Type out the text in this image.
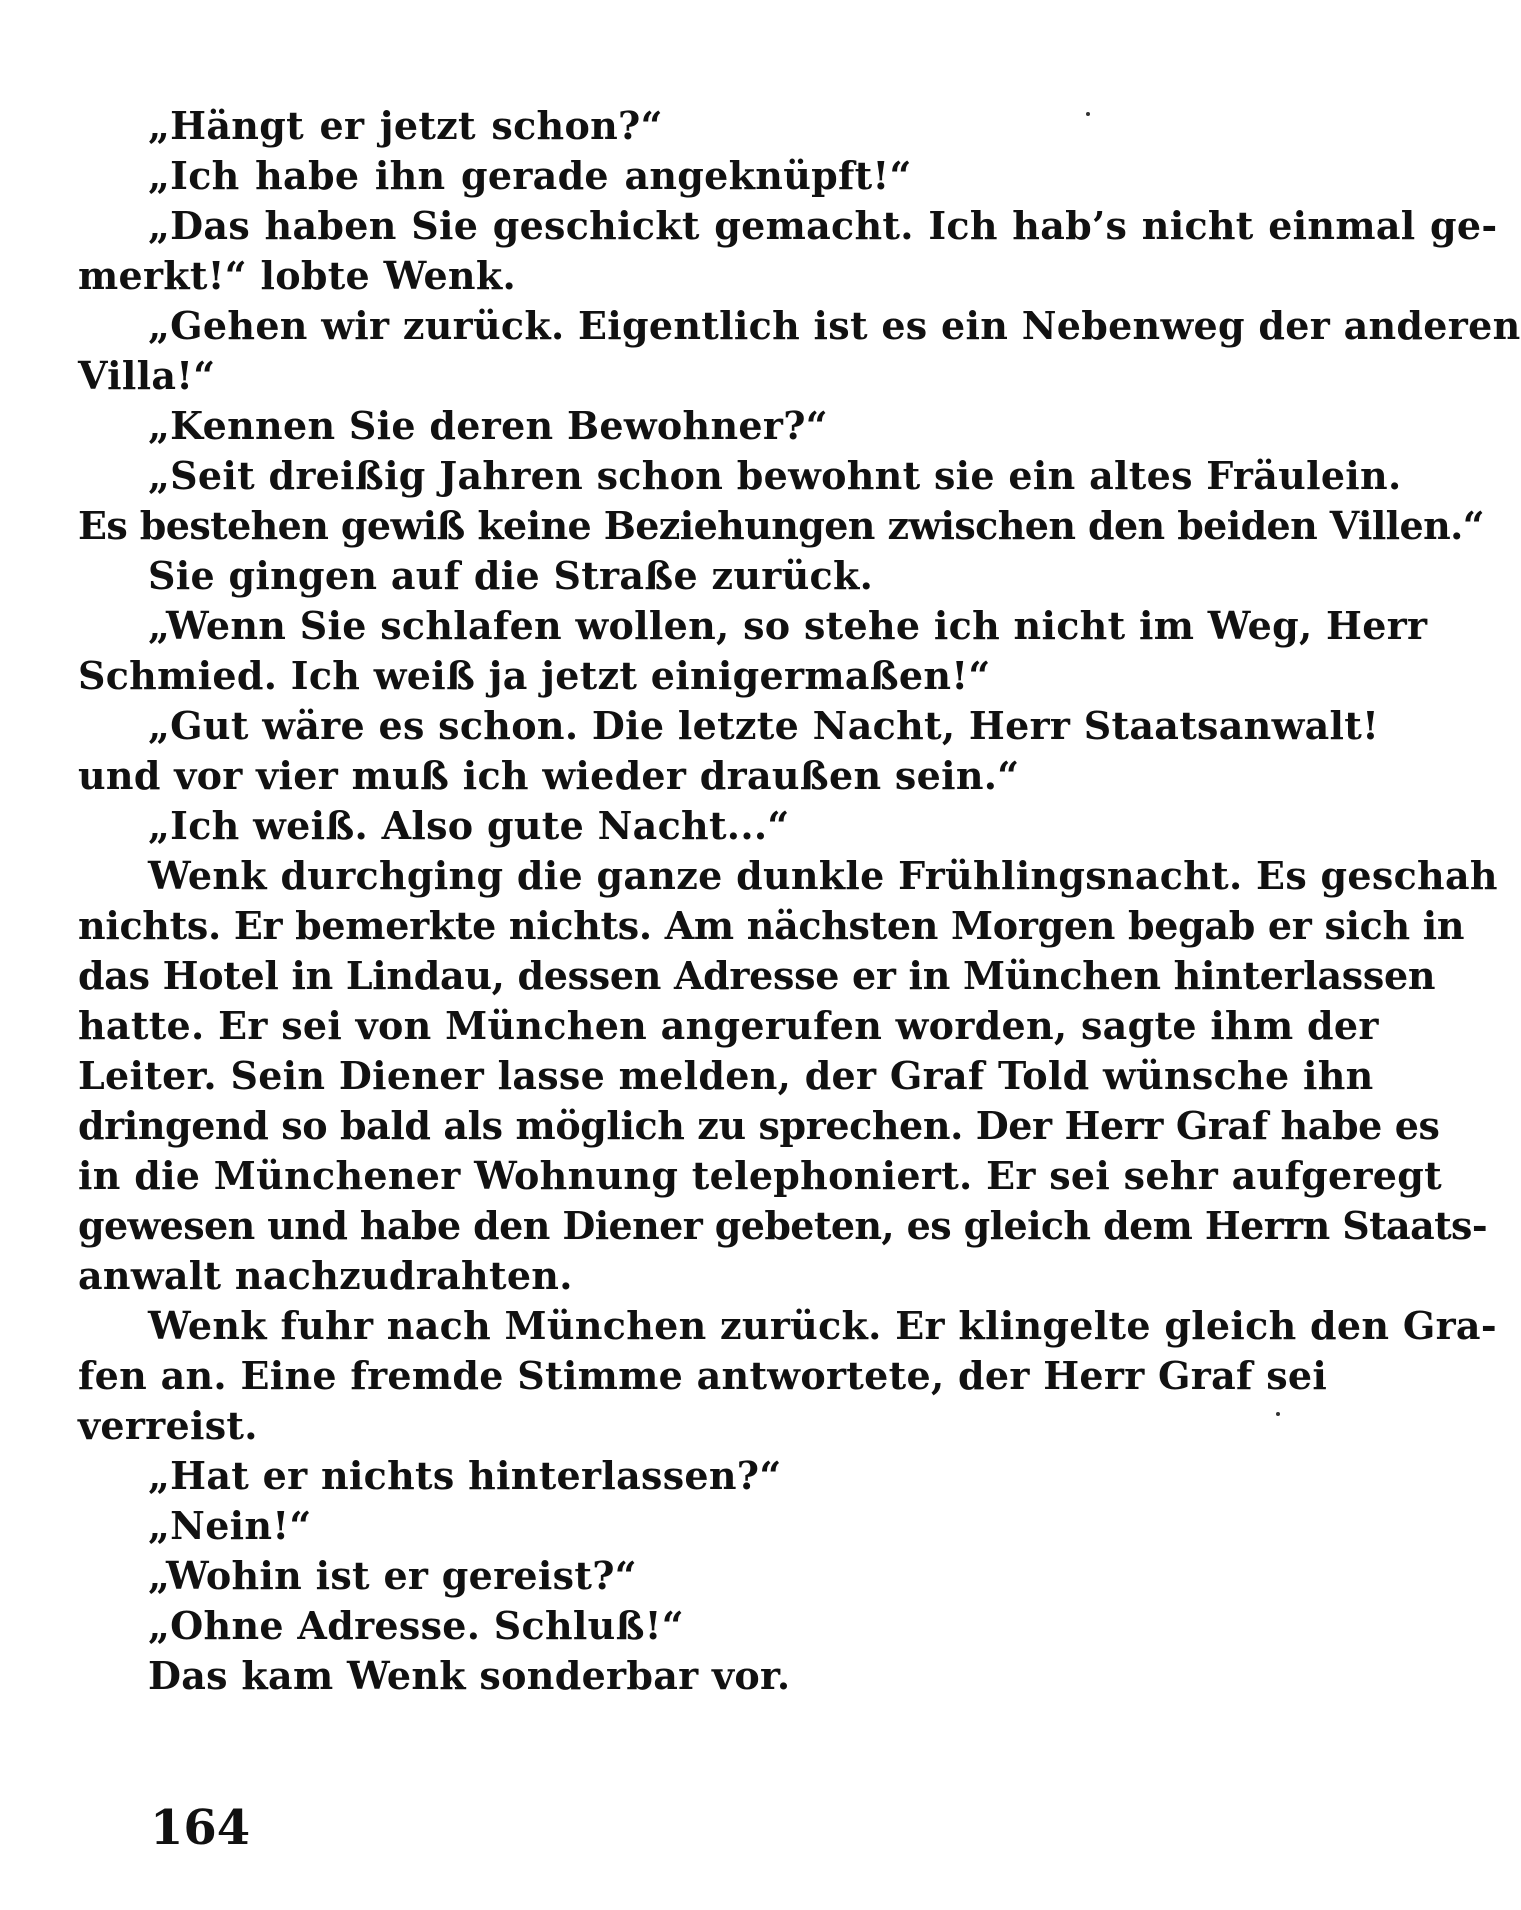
„Hängt er jetzt schon?“
„Ich habe ihn gerade angeknüpft!“
„Das haben Sie geschickt gemacht. Ich hab’s nicht einmal ge-
merkt!“ lobte Wenk.
„Gehen wir zurück. Eigentlich ist es ein Nebenweg der anderen
Villa!“
„Kennen Sie deren Bewohner?“
„Seit dreißig Jahren schon bewohnt sie ein altes Fräulein.
Es bestehen gewiß keine Beziehungen zwischen den beiden Villen.“
Sie gingen auf die Straße zurück.
„Wenn Sie schlafen wollen, so stehe ich nicht im Weg, Herr
Schmied. Ich weiß ja jetzt einigermaßen!“
„Gut wäre es schon. Die letzte Nacht, Herr Staatsanwalt!
und vor vier muß ich wieder draußen sein.“
„Ich weiß. Also gute Nacht...“
Wenk durchging die ganze dunkle Frühlingsnacht. Es geschah
nichts. Er bemerkte nichts. Am nächsten Morgen begab er sich in
das Hotel in Lindau, dessen Adresse er in München hinterlassen
hatte. Er sei von München angerufen worden, sagte ihm der
Leiter. Sein Diener lasse melden, der Graf Told wünsche ihn
dringend so bald als möglich zu sprechen. Der Herr Graf habe es
in die Münchener Wohnung telephoniert. Er sei sehr aufgeregt
gewesen und habe den Diener gebeten, es gleich dem Herrn Staats-
anwalt nachzudrahten.
Wenk fuhr nach München zurück. Er klingelte gleich den Gra-
fen an. Eine fremde Stimme antwortete, der Herr Graf sei
verreist.
„Hat er nichts hinterlassen?“
„Nein!“
„Wohin ist er gereist?“
„Ohne Adresse. Schluß!“
Das kam Wenk sonderbar vor.
164
